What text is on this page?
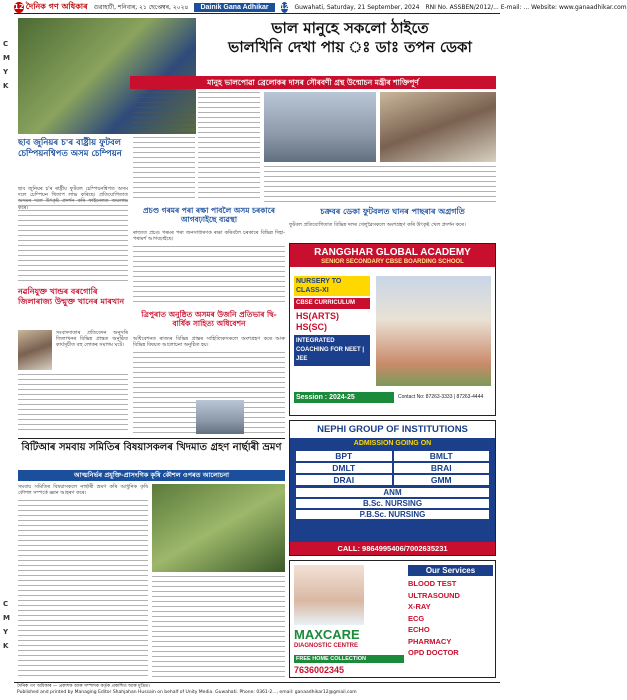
C
M
Y
K
C
M
Y
K
12 দৈনিক গণ অধিকাৰ গুৱাহাটী, শনিবাৰ, ২১ ছেপ্তেম্বৰ, ২০২৪	Dainik Gana Adhikar	12 Guwahati, Saturday, 21 September, 2024 RNI No. ASSBEN/2012/... E-mail: ... Website: www.ganaadhikar.com
ভাল মানুহে সকলো ঠাইতে
ভালখিনি দেখা পায় ঃ ডাঃ তপন ডেকা
মানুহ ভালপোৱা ব্ৰেলোকৰ দাসৰ সৌৰবণী গ্ৰন্থ উন্মোচন মন্ত্ৰীৰ শাক্তিপূৰ্ণ
ছাব জুনিয়ৰ চ'ৰ বাষ্ট্ৰীয় ফুটবল চেম্পিয়নশ্বিপত অসম চেম্পিয়ন
ছাব জুনিয়ৰ চ'ৰ ৰাষ্ট্ৰীয় ফুটবল চেম্পিয়নশ্বিপত অসম দলে চেম্পিয়ন খিতাপ লাভ কৰিছে। প্ৰতিযোগিতাত অসমৰ দলে উৎকৃষ্ট প্ৰদৰ্শন কৰি ফাইনেলত জয়লাভ কৰে।
নৱনিযুক্ত খান্ডৰ বৰগোৰি জিলাৰাজ্য উন্মুক্ত খানেৰ মাৰখান
সংবাদদাতাৰ প্ৰতিবেদন অনুসৰি জিলাখনৰ বিভিন্ন প্ৰান্তত অনুষ্ঠিত কাৰ্যসূচীত বহু লোকৰ সমাগম ঘটে।
প্ৰচণ্ড গৰমৰ পৰা ৰক্ষা পাবলৈ অসম চৰকাৰে আগবঢ়াইছে ব্যৱস্থা
ৰাজ্যত প্ৰচণ্ড গৰমৰ পৰা জনসাধাৰণক ৰক্ষা কৰিবলৈ চৰকাৰে বিভিন্ন দিহা-পৰামৰ্শ আগবঢ়াইছে।
চক্ৰবৰ ডেকা ফুটবলত ঘানৰ পাছৰাৰ অগ্ৰগতি
ফুটবল প্ৰতিযোগিতাত বিভিন্ন দলৰ খেলুৱৈসকলে অংশগ্ৰহণ কৰি উৎকৃষ্ট খেল প্ৰদৰ্শন কৰে।
ত্ৰিপুৰাত অনুষ্ঠিত অসমৰ উজনি প্ৰতিভাৰ দ্বি-বাৰ্ষিক সাহিত্য অধিবেশন
অধিবেশনত ৰাজ্যৰ বিভিন্ন প্ৰান্তৰ সাহিত্যিকসকলে অংশগ্ৰহণ কৰে আৰু বিভিন্ন বিষয়ত আলোচনা অনুষ্ঠিত হয়।
বিটিআৰ সমবায় সমিতিৰ বিষয়াসকলৰ খিদমাত গ্ৰহণ নাৰ্ছাৰী ভ্ৰমণ
আত্মনিৰ্ভৰ প্ৰযুক্তি-প্ৰাসংগিক কৃষি কৌশল ওপৰত আলোচনা
সমবায় সমিতিৰ বিষয়াসকলে নাৰ্ছাৰী ভ্ৰমণ কৰি আধুনিক কৃষি কৌশল সম্পৰ্কে জ্ঞান আহৰণ কৰে।
RANGGHAR GLOBAL ACADEMY
SENIOR SECONDARY CBSE BOARDING SCHOOL
NURSERY TO CLASS-XI
CBSE CURRICULUM
HS(ARTS)
HS(SC)
INTEGRATED COACHING FOR NEET | JEE
Session : 2024-25	Contact No: 87263-3333 | 87263-4444
NEPHI GROUP OF INSTITUTIONS
ADMISSION GOING ON
BPT	BMLT
DMLT	BRAI
DRAI	GMM
ANM
B.Sc. NURSING
P.B.Sc. NURSING
CALL: 9864995406/7002635231
MAXCARE
DIAGNOSTIC CENTRE
FREE HOME COLLECTION
7636002345
Our Services
BLOOD TEST
ULTRASOUND
X-RAY
ECG
ECHO
PHARMACY
OPD DOCTOR
দৈনিক গণ অধিকাৰ — প্ৰকাশক আৰু সম্পাদক কৰ্তৃক প্ৰকাশিত আৰু মুদ্ৰিত।
Published and printed by Managing Editor Shahjahan Hussain on behalf of Unity Media. Guwahati. Phone: 0361-2..., email: ganaadhikar12@gmail.com
